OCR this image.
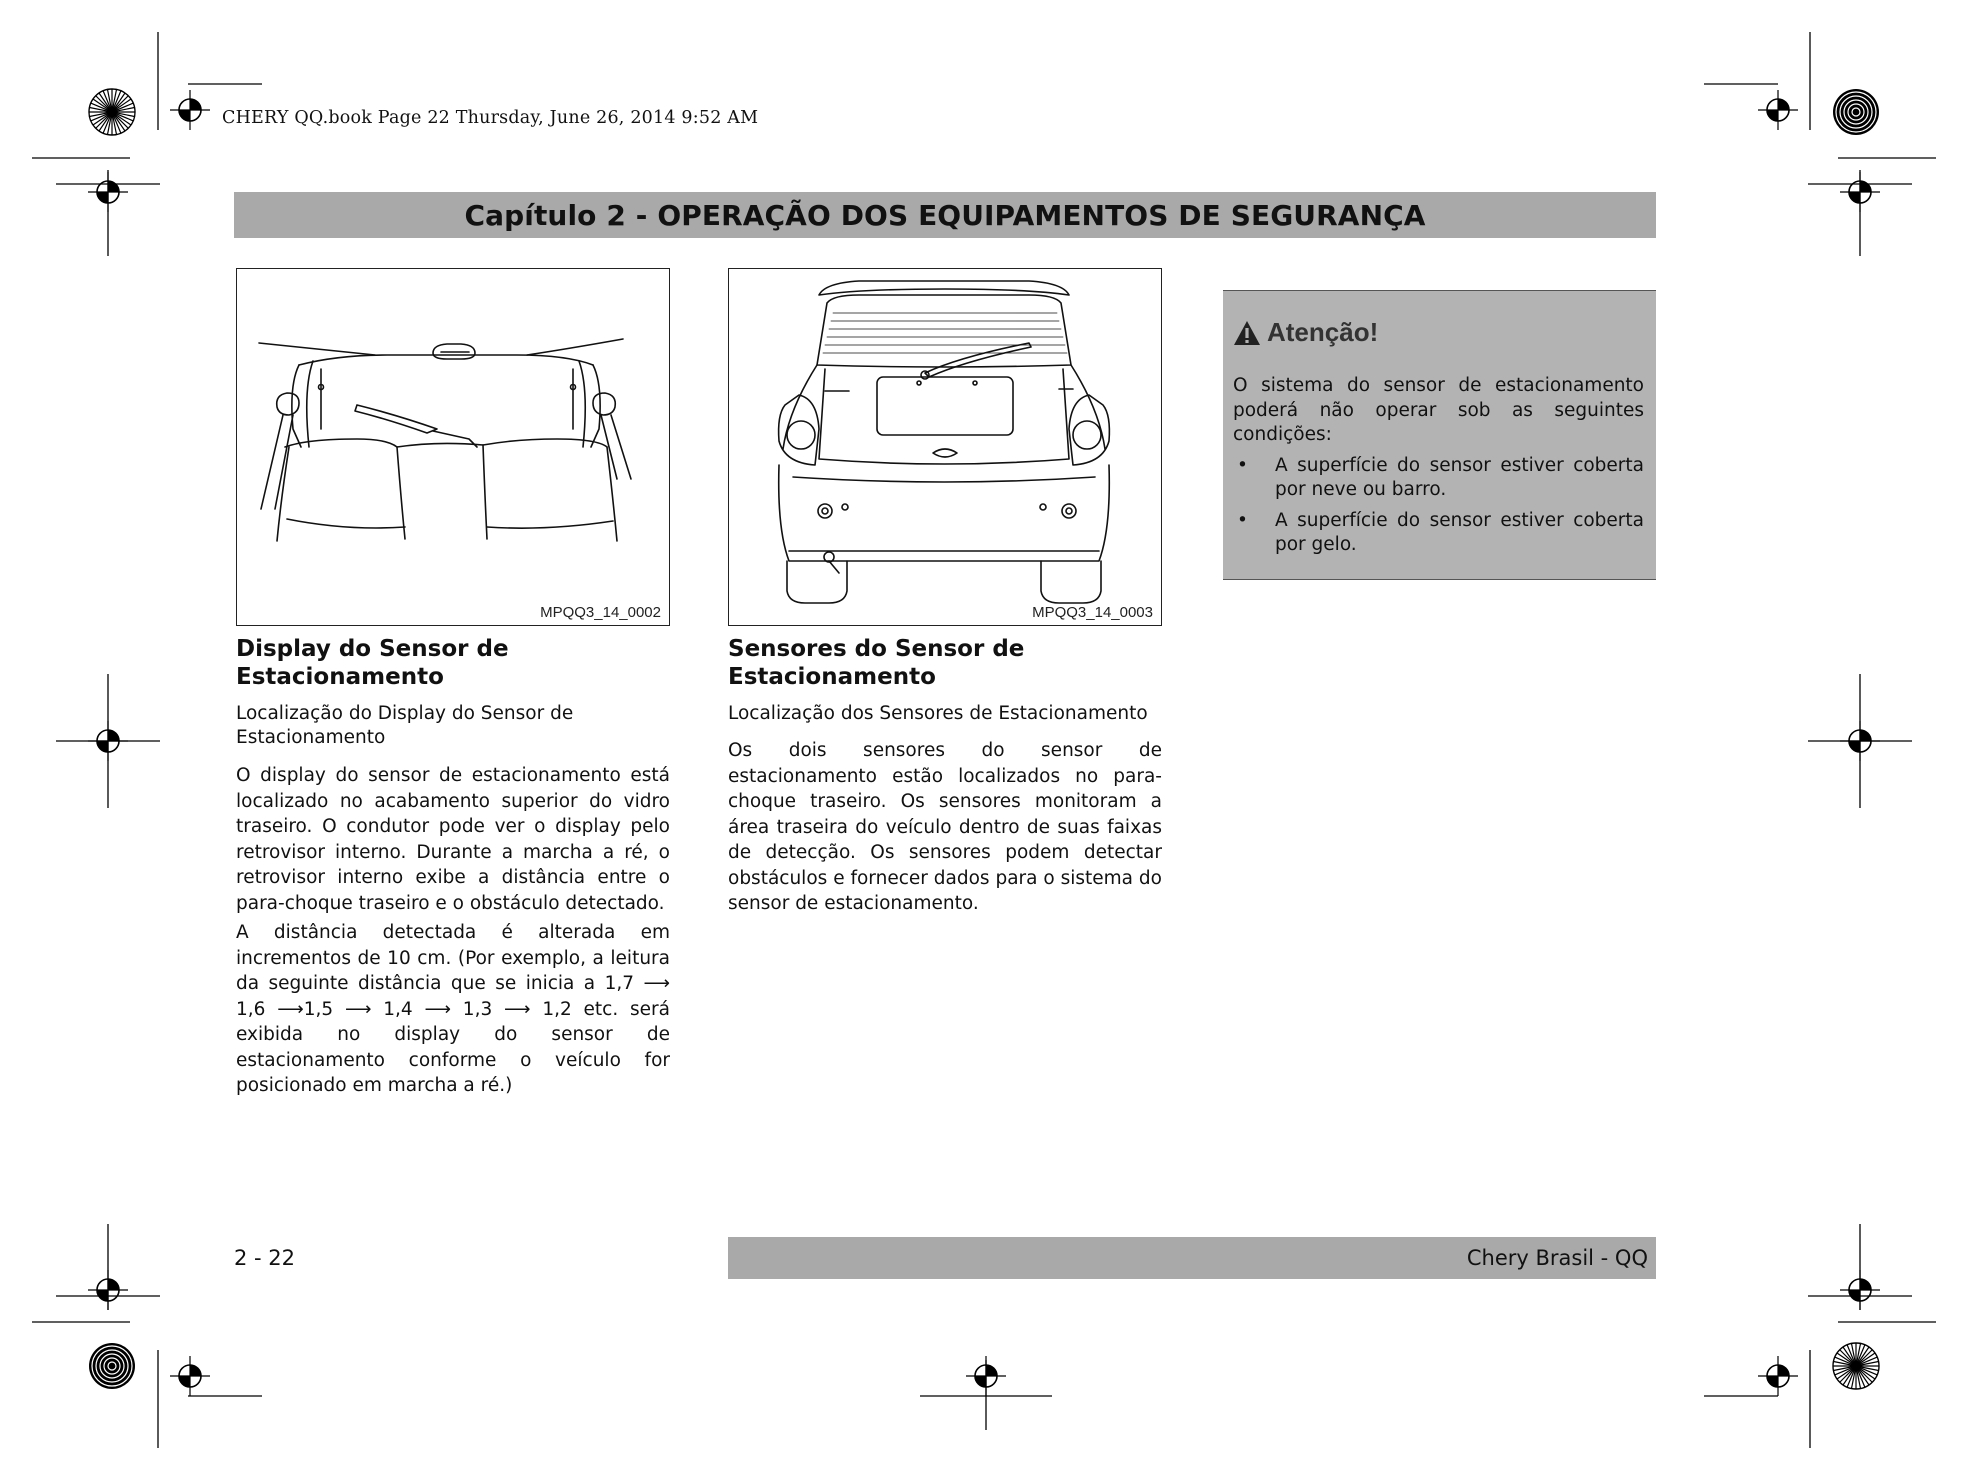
CHERY QQ.book Page 22 Thursday, June 26, 2014 9:52 AM
Capítulo 2 - OPERAÇÃO DOS EQUIPAMENTOS DE SEGURANÇA
MPQQ3_14_0002
Display do Sensor de Estacionamento
Localização do Display do Sensor de Estacionamento

O display do sensor de estacionamento está localizado no acabamento superior do vidro traseiro. O condutor pode ver o display pelo retrovisor interno. Durante a marcha a ré, o retrovisor interno exibe a distância entre o para-choque traseiro e o obstáculo detectado.

A distância detectada é alterada em incrementos de 10 cm. (Por exemplo, a leitura da seguinte distância que se inicia a 1,7 ⟶ 1,6 ⟶1,5 ⟶ 1,4 ⟶ 1,3 ⟶ 1,2 etc. será exibida no display do sensor de estacionamento conforme o veículo for posicionado em marcha a ré.)

MPQQ3_14_0003
Sensores do Sensor de Estacionamento
Localização dos Sensores de Estacionamento

Os dois sensores do sensor de estacionamento estão localizados no para-choque traseiro. Os sensores monitoram a área traseira do veículo dentro de suas faixas de detecção. Os sensores podem detectar obstáculos e fornecer dados para o sistema do sensor de estacionamento.

Atenção!

O sistema do sensor de estacionamento poderá não operar sob as seguintes condições:

•	A superfície do sensor estiver coberta por neve ou barro.
•	A superfície do sensor estiver coberta por gelo.
2 - 22	Chery Brasil - QQ
